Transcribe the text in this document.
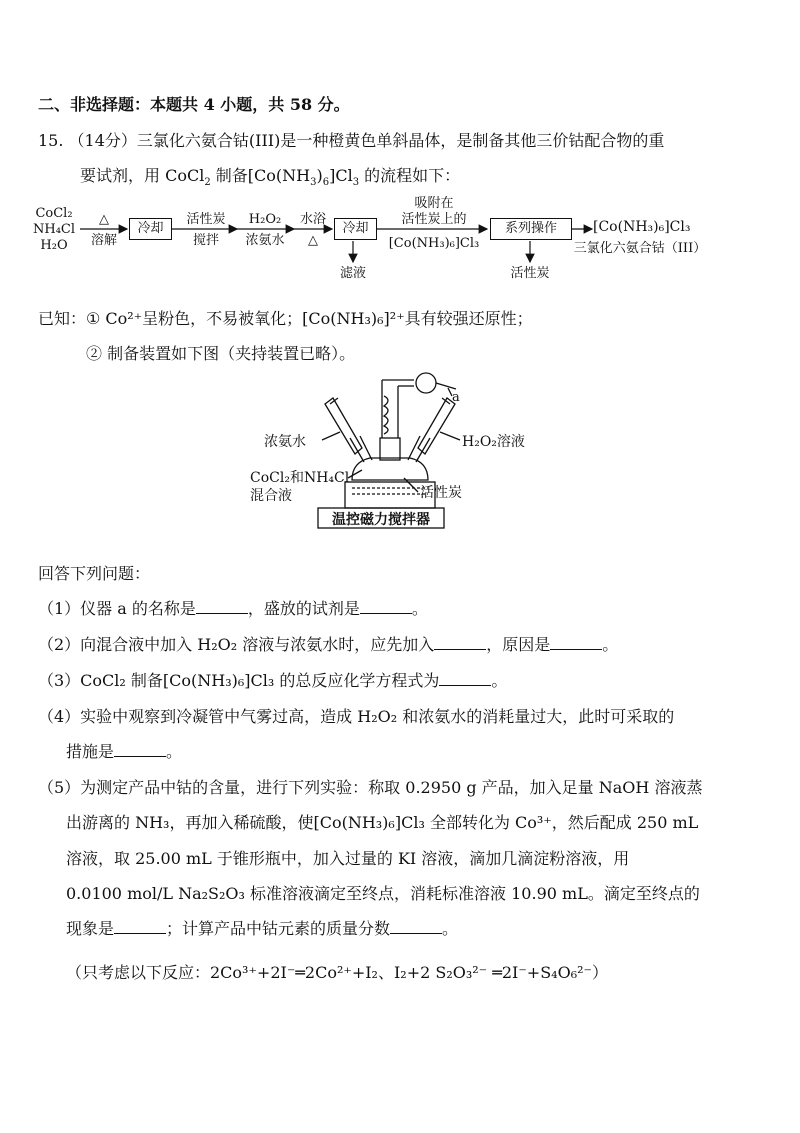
二、非选择题：本题共 4 小题，共 58 分。
15. （14分）三氯化六氨合钴(III)是一种橙黄色单斜晶体，是制备其他三价钴配合物的重
要试剂，用 CoCl$_2$ 制备$[Co(NH_3)_6]Cl_3$ 的流程如下：
CoCl₂
NH₄Cl
H₂O
△
溶解
冷却
活性炭
搅拌
H₂O₂
浓氨水
水浴
△
冷却
滤液
吸附在
活性炭上的
[Co(NH₃)₆]Cl₃
系列操作
活性炭
[Co(NH₃)₆]Cl₃
三氯化六氨合钴（III）
已知： ① Co²⁺呈粉色，不易被氧化；[Co(NH₃)₆]²⁺具有较强还原性；
② 制备装置如下图（夹持装置已略）。
a
浓氨水	H₂O₂溶液
CoCl₂和NH₄Cl
混合液	活性炭
温控磁力搅拌器
回答下列问题：
（1）仪器 a 的名称是	，盛放的试剂是	。
（2）向混合液中加入 H₂O₂ 溶液与浓氨水时，应先加入	，原因是	。
（3）CoCl₂ 制备[Co(NH₃)₆]Cl₃ 的总反应化学方程式为	。
（4）实验中观察到冷凝管中气雾过高，造成 H₂O₂ 和浓氨水的消耗量过大，此时可采取的
措施是	。
（5）为测定产品中钴的含量，进行下列实验：称取 0.2950 g 产品，加入足量 NaOH 溶液蒸
出游离的 NH₃，再加入稀硫酸，使[Co(NH₃)₆]Cl₃ 全部转化为 Co³⁺，然后配成 250 mL
溶液，取 25.00 mL 于锥形瓶中，加入过量的 KI 溶液，滴加几滴淀粉溶液，用
0.0100 mol/L Na₂S₂O₃ 标准溶液滴定至终点，消耗标准溶液 10.90 mL。滴定至终点的
现象是	；计算产品中钴元素的质量分数	。
（只考虑以下反应：2Co³⁺+2I⁻═2Co²⁺+I₂、I₂+2 S₂O₃²⁻ ═2I⁻+S₄O₆²⁻）
